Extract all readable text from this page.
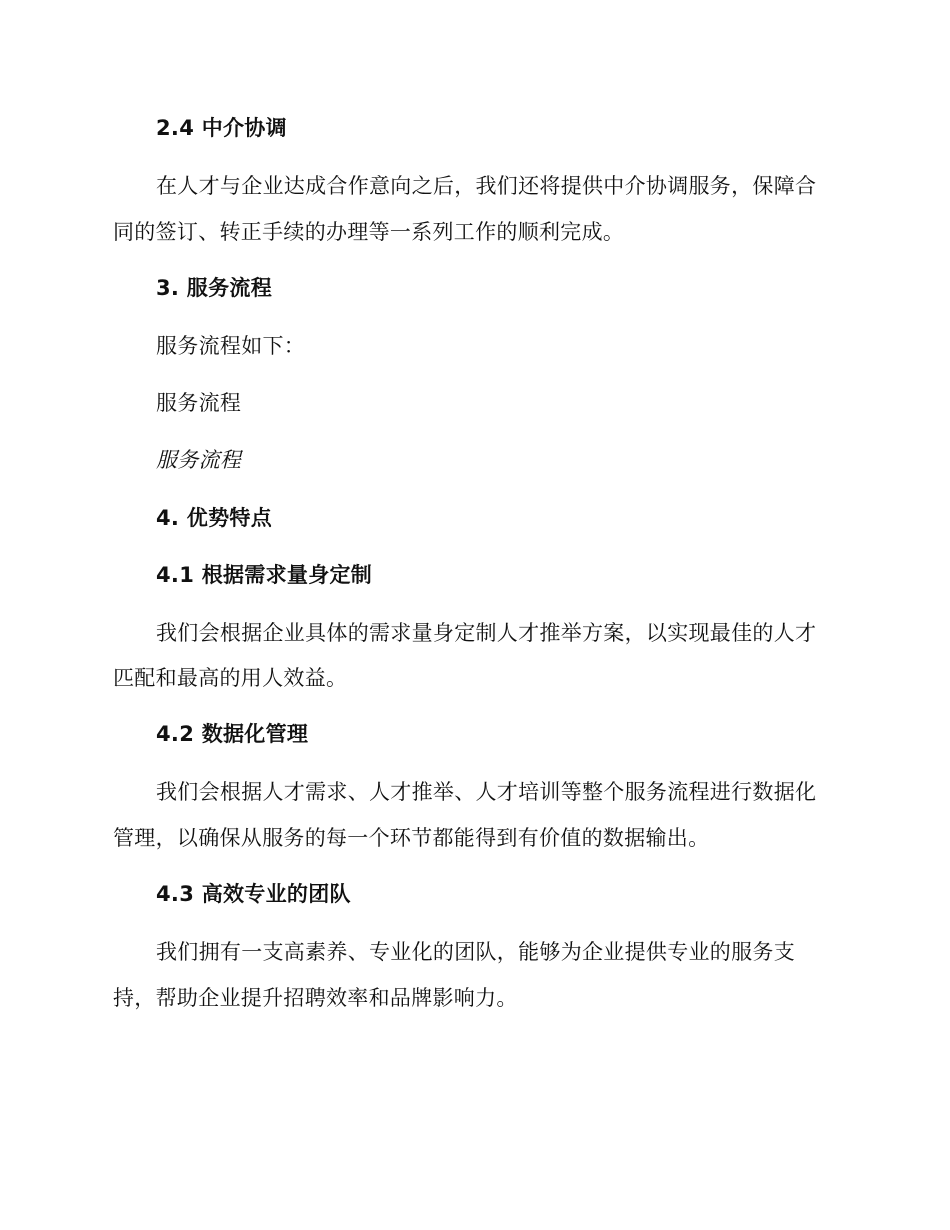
2.4 中介协调

在人才与企业达成合作意向之后，我们还将提供中介协调服务，保障合

同的签订、转正手续的办理等一系列工作的顺利完成。

3. 服务流程

服务流程如下：

服务流程

服务流程

4. 优势特点

4.1 根据需求量身定制

我们会根据企业具体的需求量身定制人才推举方案，以实现最佳的人才

匹配和最高的用人效益。

4.2 数据化管理

我们会根据人才需求、人才推举、人才培训等整个服务流程进行数据化

管理，以确保从服务的每一个环节都能得到有价值的数据输出。

4.3 高效专业的团队

我们拥有一支高素养、专业化的团队，能够为企业提供专业的服务支

持，帮助企业提升招聘效率和品牌影响力。
